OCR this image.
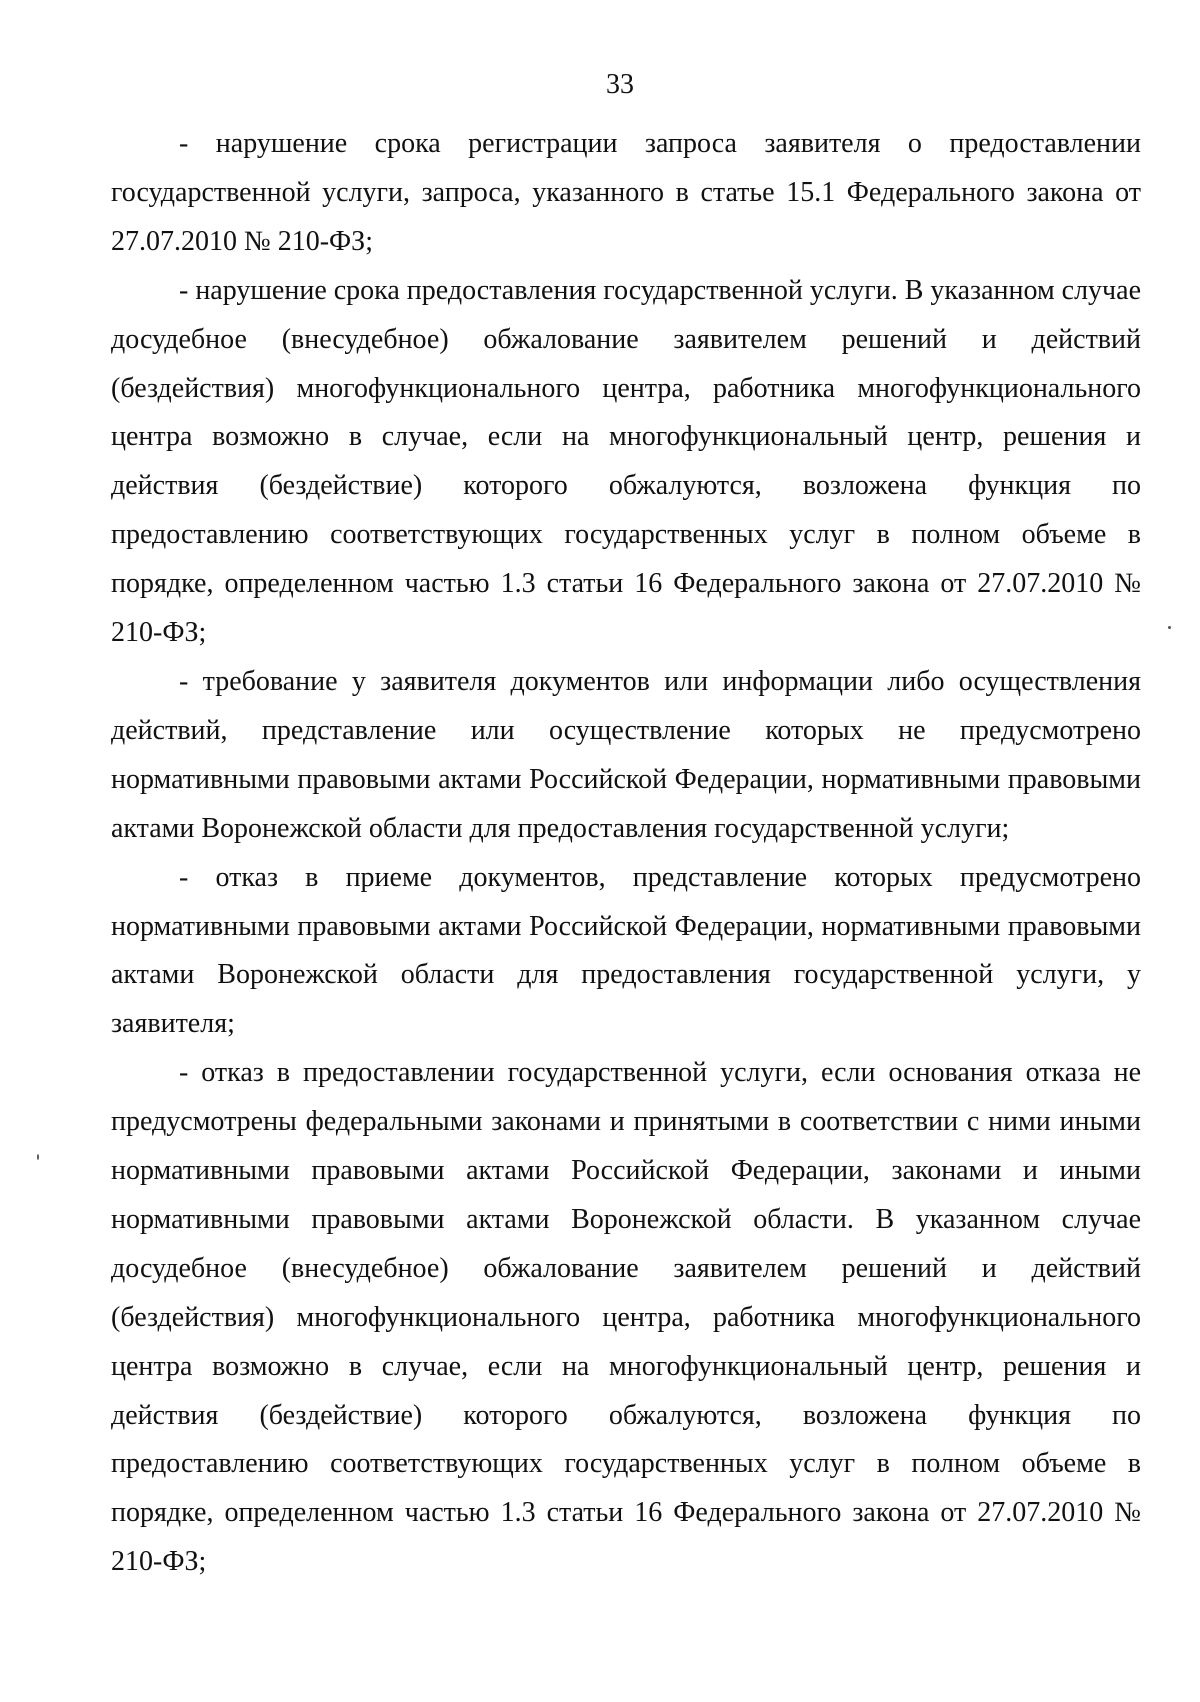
33

- нарушение срока регистрации запроса заявителя о предоставлении государственной услуги, запроса, указанного в статье 15.1 Федерального закона от 27.07.2010 № 210-ФЗ;

- нарушение срока предоставления государственной услуги. В указанном случае досудебное (внесудебное) обжалование заявителем решений и действий (бездействия) многофункционального центра, работника многофункционального центра возможно в случае, если на многофункциональный центр, решения и действия (бездействие) которого обжалуются, возложена функция по предоставлению соответствующих государственных услуг в полном объеме в порядке, определенном частью 1.3 статьи 16 Федерального закона от 27.07.2010 № 210-ФЗ;

- требование у заявителя документов или информации либо осуществления действий, представление или осуществление которых не предусмотрено нормативными правовыми актами Российской Федерации, нормативными правовыми актами Воронежской области для предоставления государственной услуги;

- отказ в приеме документов, представление которых предусмотрено нормативными правовыми актами Российской Федерации, нормативными правовыми актами Воронежской области для предоставления государственной услуги, у заявителя;

- отказ в предоставлении государственной услуги, если основания отказа не предусмотрены федеральными законами и принятыми в соответствии с ними иными нормативными правовыми актами Российской Федерации, законами и иными нормативными правовыми актами Воронежской области. В указанном случае досудебное (внесудебное) обжалование заявителем решений и действий (бездействия) многофункционального центра, работника многофункционального центра возможно в случае, если на многофункциональный центр, решения и действия (бездействие) которого обжалуются, возложена функция по предоставлению соответствующих государственных услуг в полном объеме в порядке, определенном частью 1.3 статьи 16 Федерального закона от 27.07.2010 № 210-ФЗ;
